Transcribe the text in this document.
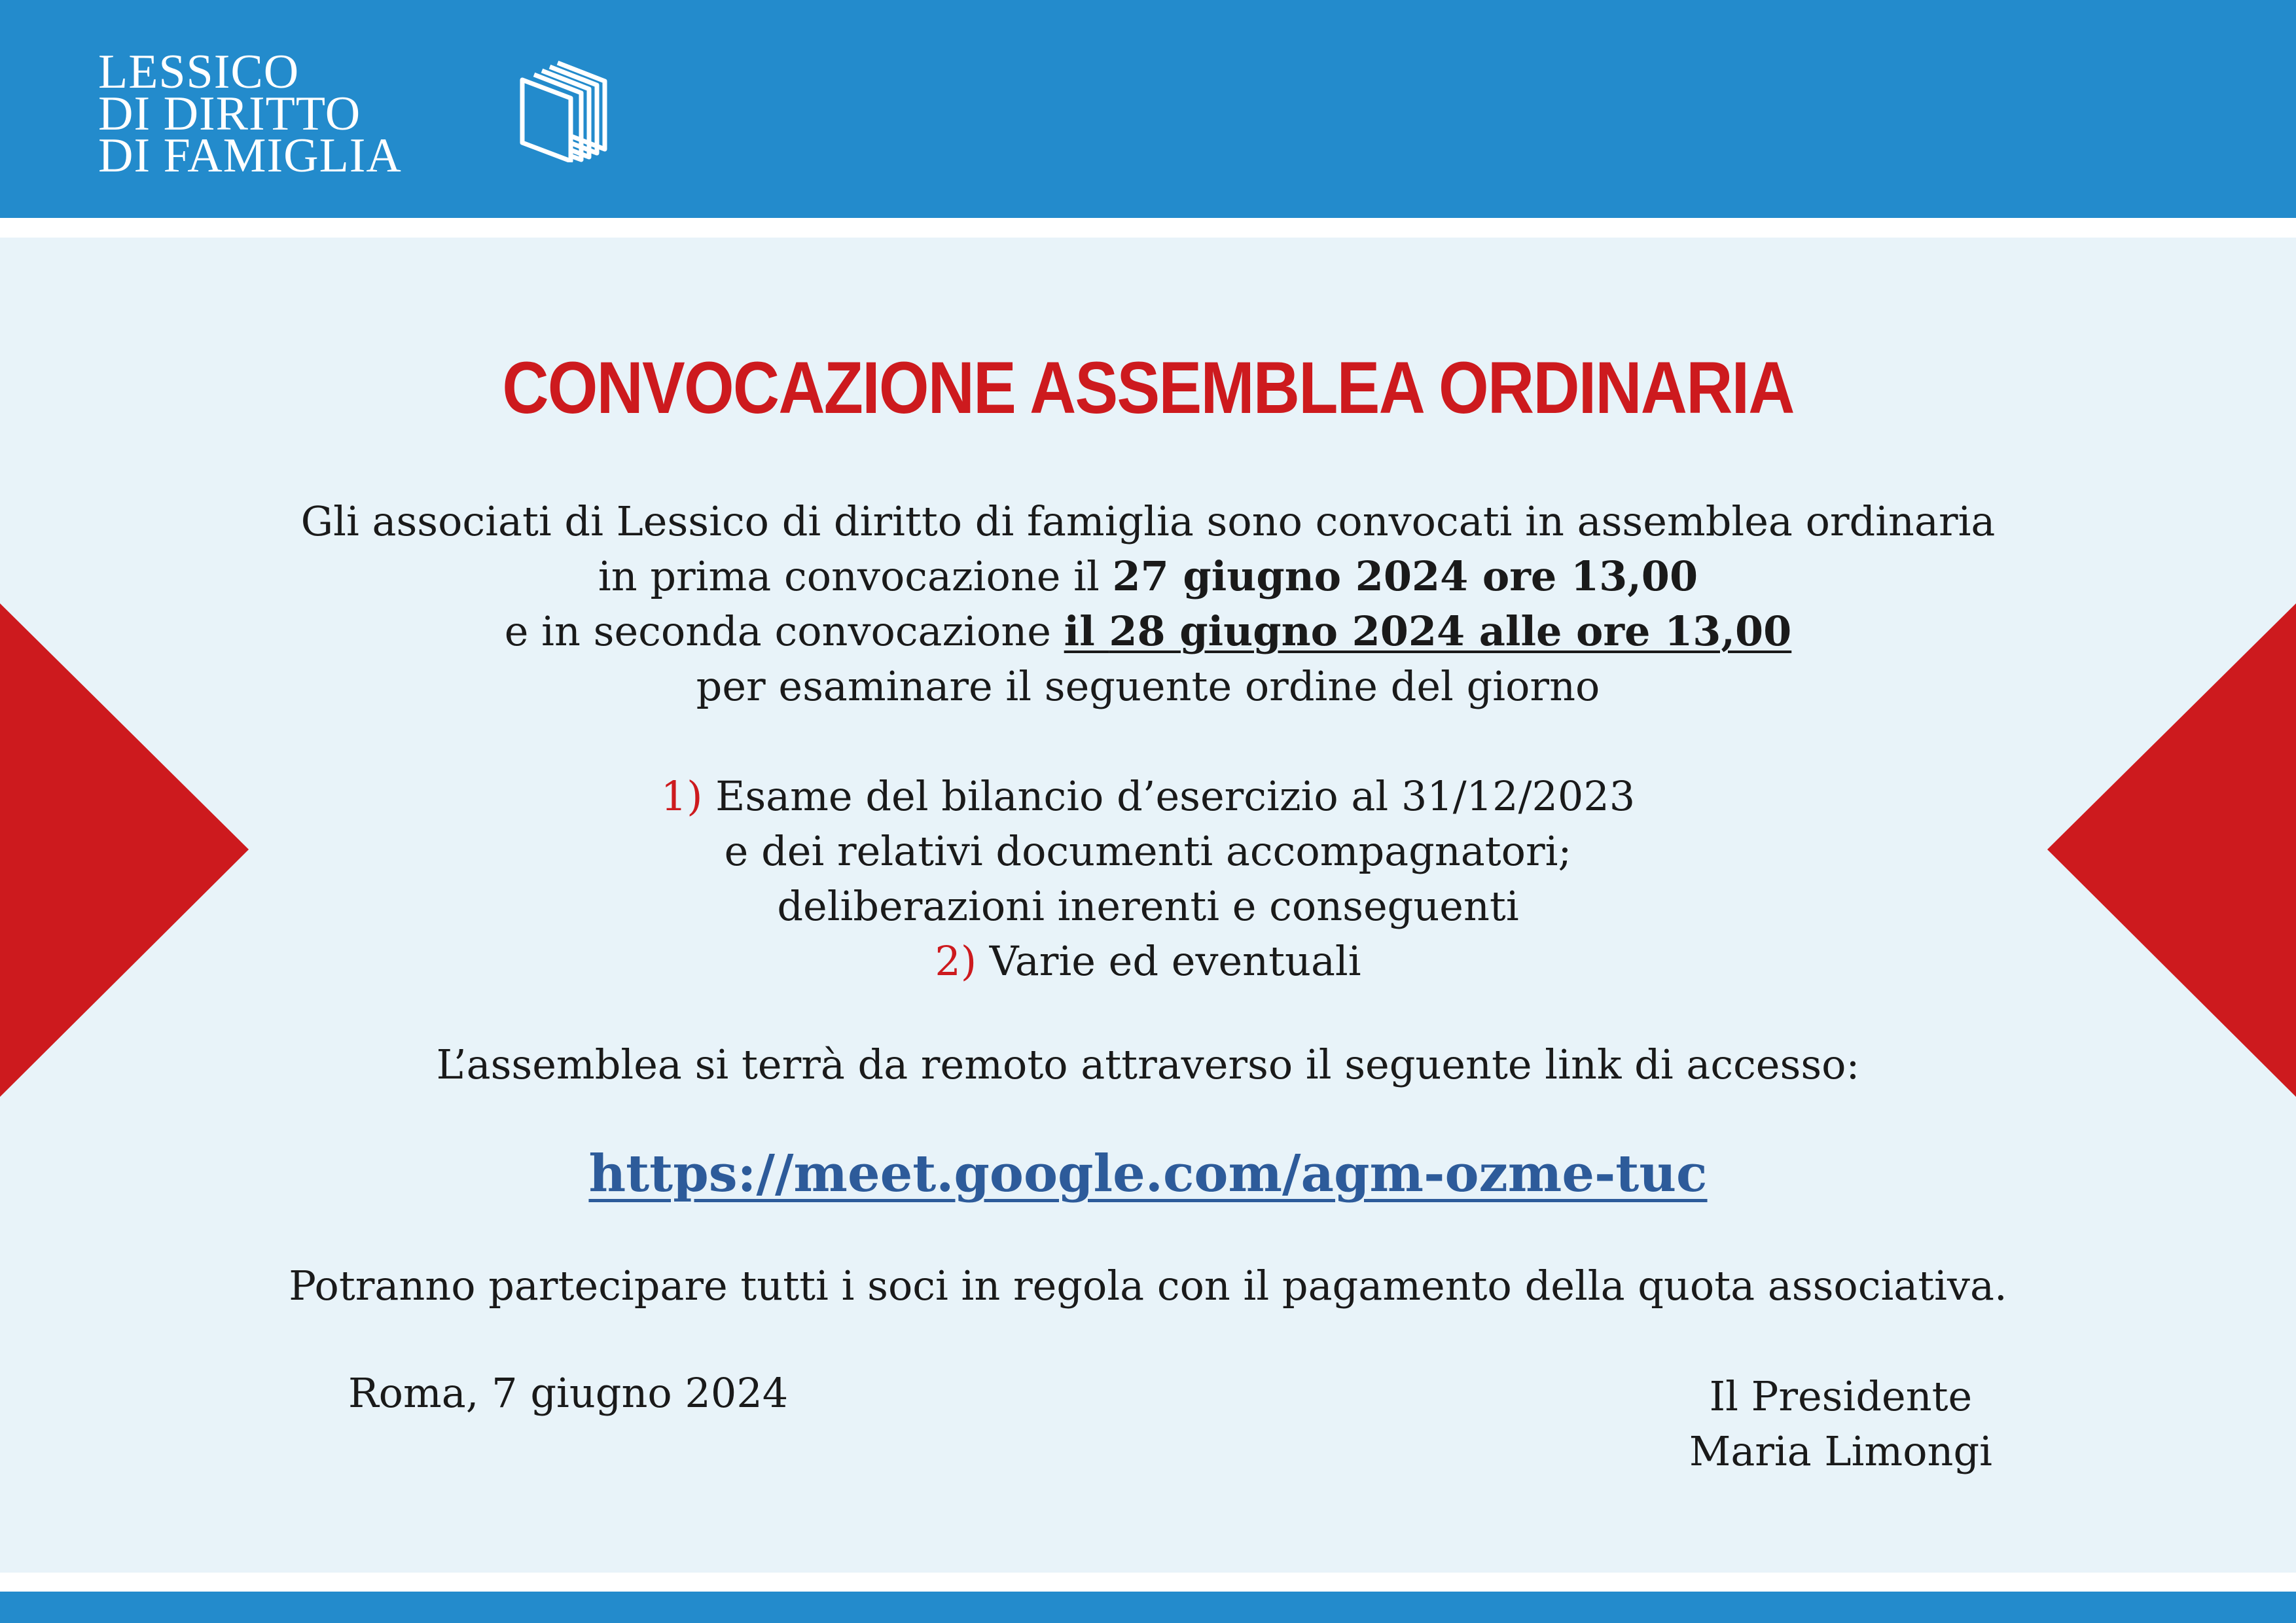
LESSICO
DI DIRITTO
DI FAMIGLIA
CONVOCAZIONE ASSEMBLEA ORDINARIA
Gli associati di Lessico di diritto di famiglia sono convocati in assemblea ordinaria
in prima convocazione il 27 giugno 2024 ore 13,00
e in seconda convocazione il 28 giugno 2024 alle ore 13,00
per esaminare il seguente ordine del giorno
1) Esame del bilancio d’esercizio al 31/12/2023
e dei relativi documenti accompagnatori;
deliberazioni inerenti e conseguenti
2) Varie ed eventuali
L’assemblea si terrà da remoto attraverso il seguente link di accesso:
https://meet.google.com/agm-ozme-tuc
Potranno partecipare tutti i soci in regola con il pagamento della quota associativa.
Roma, 7 giugno 2024	Il Presidente
Maria Limongi
